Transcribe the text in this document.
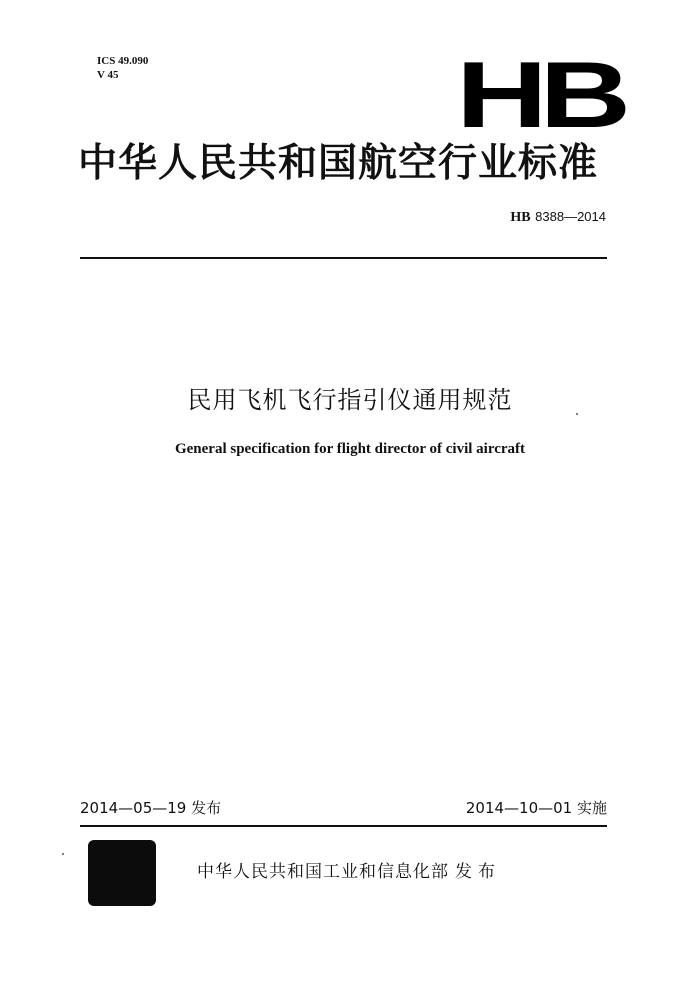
ICS 49.090
V 45	HB
中华人民共和国航空行业标准
HB 8388—2014
民用飞机飞行指引仪通用规范
General specification for flight director of civil aircraft
2014—05—19 发布	2014—10—01 实施
中华人民共和国工业和信息化部 发布
